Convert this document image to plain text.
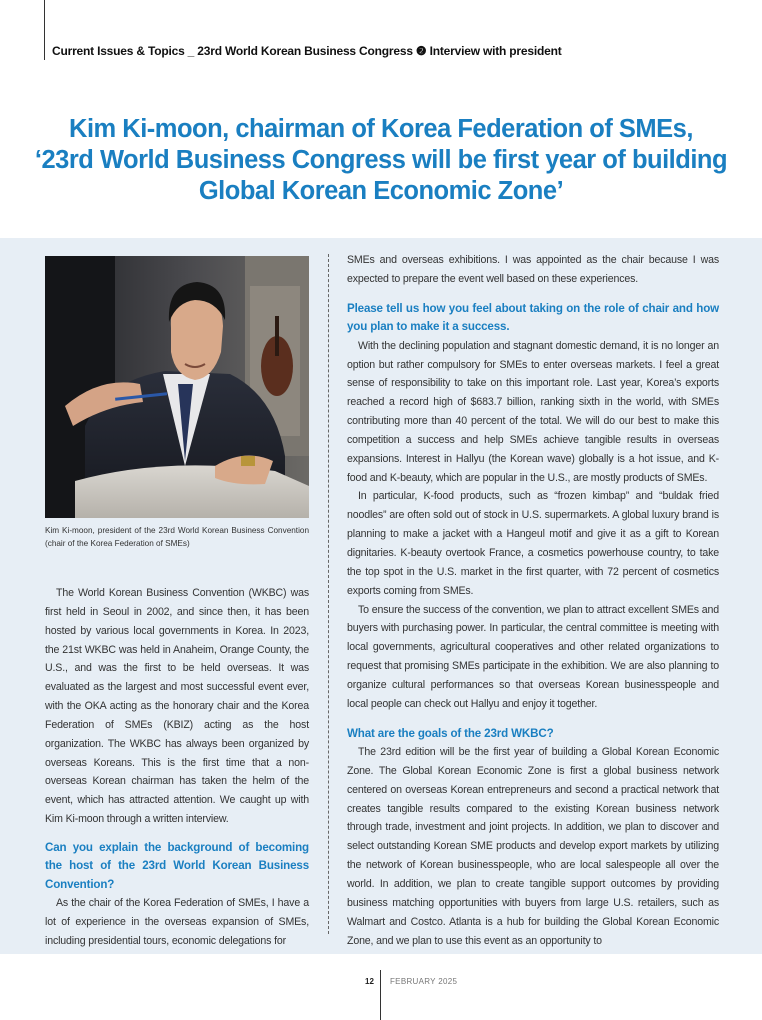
Current Issues & Topics _ 23rd World Korean Business Congress ❷ Interview with president
Kim Ki-moon, chairman of Korea Federation of SMEs,
‘23rd World Business Congress will be first year of building
Global Korean Economic Zone’
Kim Ki-moon, president of the 23rd World Korean Business Convention (chair of the Korea Federation of SMEs)

The World Korean Business Convention (WKBC) was first held in Seoul in 2002, and since then, it has been hosted by various local governments in Korea. In 2023, the 21st WKBC was held in Anaheim, Orange County, the U.S., and was the first to be held overseas. It was evaluated as the largest and most successful event ever, with the OKA acting as the honorary chair and the Korea Federation of SMEs (KBIZ) acting as the host organization. The WKBC has always been organized by overseas Koreans. This is the first time that a non-overseas Korean chairman has taken the helm of the event, which has attracted attention. We caught up with Kim Ki-moon through a written interview.

Can you explain the background of becoming the host of the 23rd World Korean Business Convention?

As the chair of the Korea Federation of SMEs, I have a lot of experience in the overseas expansion of SMEs, including presidential tours, economic delegations for

SMEs and overseas exhibitions. I was appointed as the chair because I was expected to prepare the event well based on these experiences.

Please tell us how you feel about taking on the role of chair and how you plan to make it a success.

With the declining population and stagnant domestic demand, it is no longer an option but rather compulsory for SMEs to enter overseas markets. I feel a great sense of responsibility to take on this important role. Last year, Korea’s exports reached a record high of $683.7 billion, ranking sixth in the world, with SMEs contributing more than 40 percent of the total. We will do our best to make this competition a success and help SMEs achieve tangible results in overseas expansions. Interest in Hallyu (the Korean wave) globally is a hot issue, and K-food and K-beauty, which are popular in the U.S., are mostly products of SMEs.

In particular, K-food products, such as “frozen kimbap” and “buldak fried noodles” are often sold out of stock in U.S. supermarkets. A global luxury brand is planning to make a jacket with a Hangeul motif and give it as a gift to Korean dignitaries. K-beauty overtook France, a cosmetics powerhouse country, to take the top spot in the U.S. market in the first quarter, with 72 percent of cosmetics exports coming from SMEs.

To ensure the success of the convention, we plan to attract excellent SMEs and buyers with purchasing power. In particular, the central committee is meeting with local governments, agricultural cooperatives and other related organizations to request that promising SMEs participate in the exhibition. We are also planning to organize cultural performances so that overseas Korean businesspeople and local people can check out Hallyu and enjoy it together.

What are the goals of the 23rd WKBC?

The 23rd edition will be the first year of building a Global Korean Economic Zone. The Global Korean Economic Zone is first a global business network centered on overseas Korean entrepreneurs and second a practical network that creates tangible results compared to the existing Korean business network through trade, investment and joint projects. In addition, we plan to discover and select outstanding Korean SME products and develop export markets by utilizing the network of Korean businesspeople, who are local salespeople all over the world. In addition, we plan to create tangible support outcomes by providing business matching opportunities with buyers from large U.S. retailers, such as Walmart and Costco. Atlanta is a hub for building the Global Korean Economic Zone, and we plan to use this event as an opportunity to

12 FEBRUARY 2025
